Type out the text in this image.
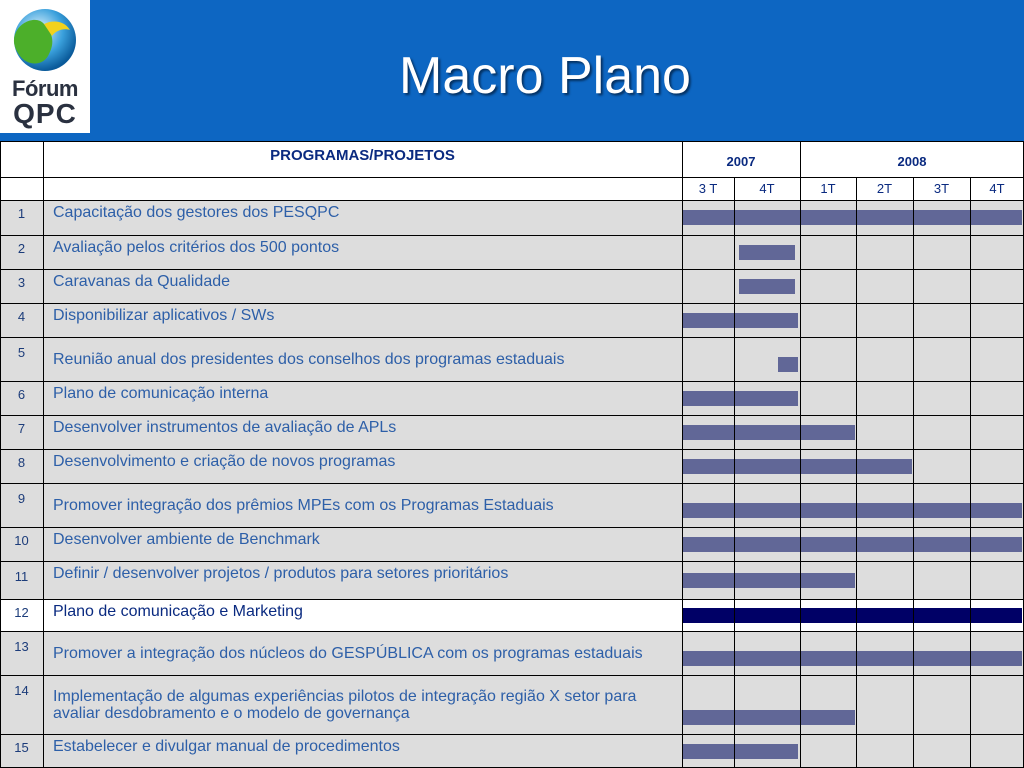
Fórum
QPC
Macro Plano
PROGRAMAS/PROJETOS	2007	2008
3 T	4T	1T	2T	3T	4T
1	Capacitação dos gestores dos PESQPC
2	Avaliação pelos critérios dos 500 pontos
3	Caravanas da Qualidade
4	Disponibilizar aplicativos / SWs
5	Reunião anual dos presidentes dos conselhos dos programas estaduais
6	Plano de comunicação interna
7	Desenvolver instrumentos de avaliação de APLs
8	Desenvolvimento e criação de novos programas
9	Promover integração dos prêmios MPEs com os Programas Estaduais
10	Desenvolver ambiente de Benchmark
11	Definir / desenvolver projetos / produtos para setores prioritários
12	Plano de comunicação e Marketing
13	Promover a integração dos núcleos do GESPÚBLICA com os programas estaduais
14	Implementação de algumas experiências pilotos de integração região X setor para avaliar desdobramento e o modelo de governança
15	Estabelecer e divulgar manual de procedimentos
